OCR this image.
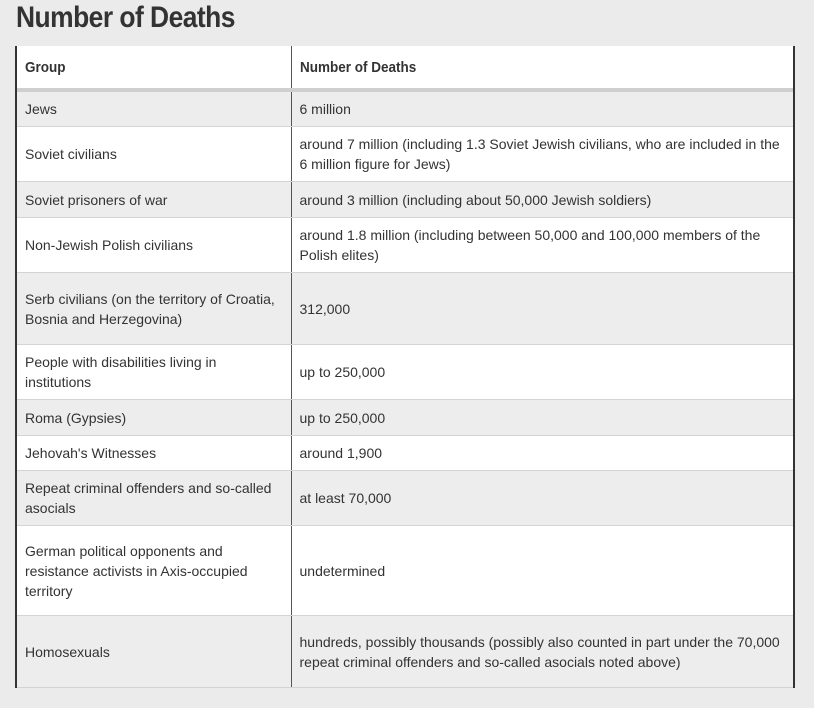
Number of Deaths
Group	Number of Deaths
Jews	6 million
Soviet civilians	around 7 million (including 1.3 Soviet Jewish civilians, who are included in the 6 million figure for Jews)
Soviet prisoners of war	around 3 million (including about 50,000 Jewish soldiers)
Non-Jewish Polish civilians	around 1.8 million (including between 50,000 and 100,000 members of the Polish elites)
Serb civilians (on the territory of Croatia, Bosnia and Herzegovina)	312,000
People with disabilities living in institutions	up to 250,000
Roma (Gypsies)	up to 250,000
Jehovah's Witnesses	around 1,900
Repeat criminal offenders and so-called asocials	at least 70,000
German political opponents and resistance activists in Axis-occupied territory	undetermined
Homosexuals	hundreds, possibly thousands (possibly also counted in part under the 70,000 repeat criminal offenders and so-called asocials noted above)
